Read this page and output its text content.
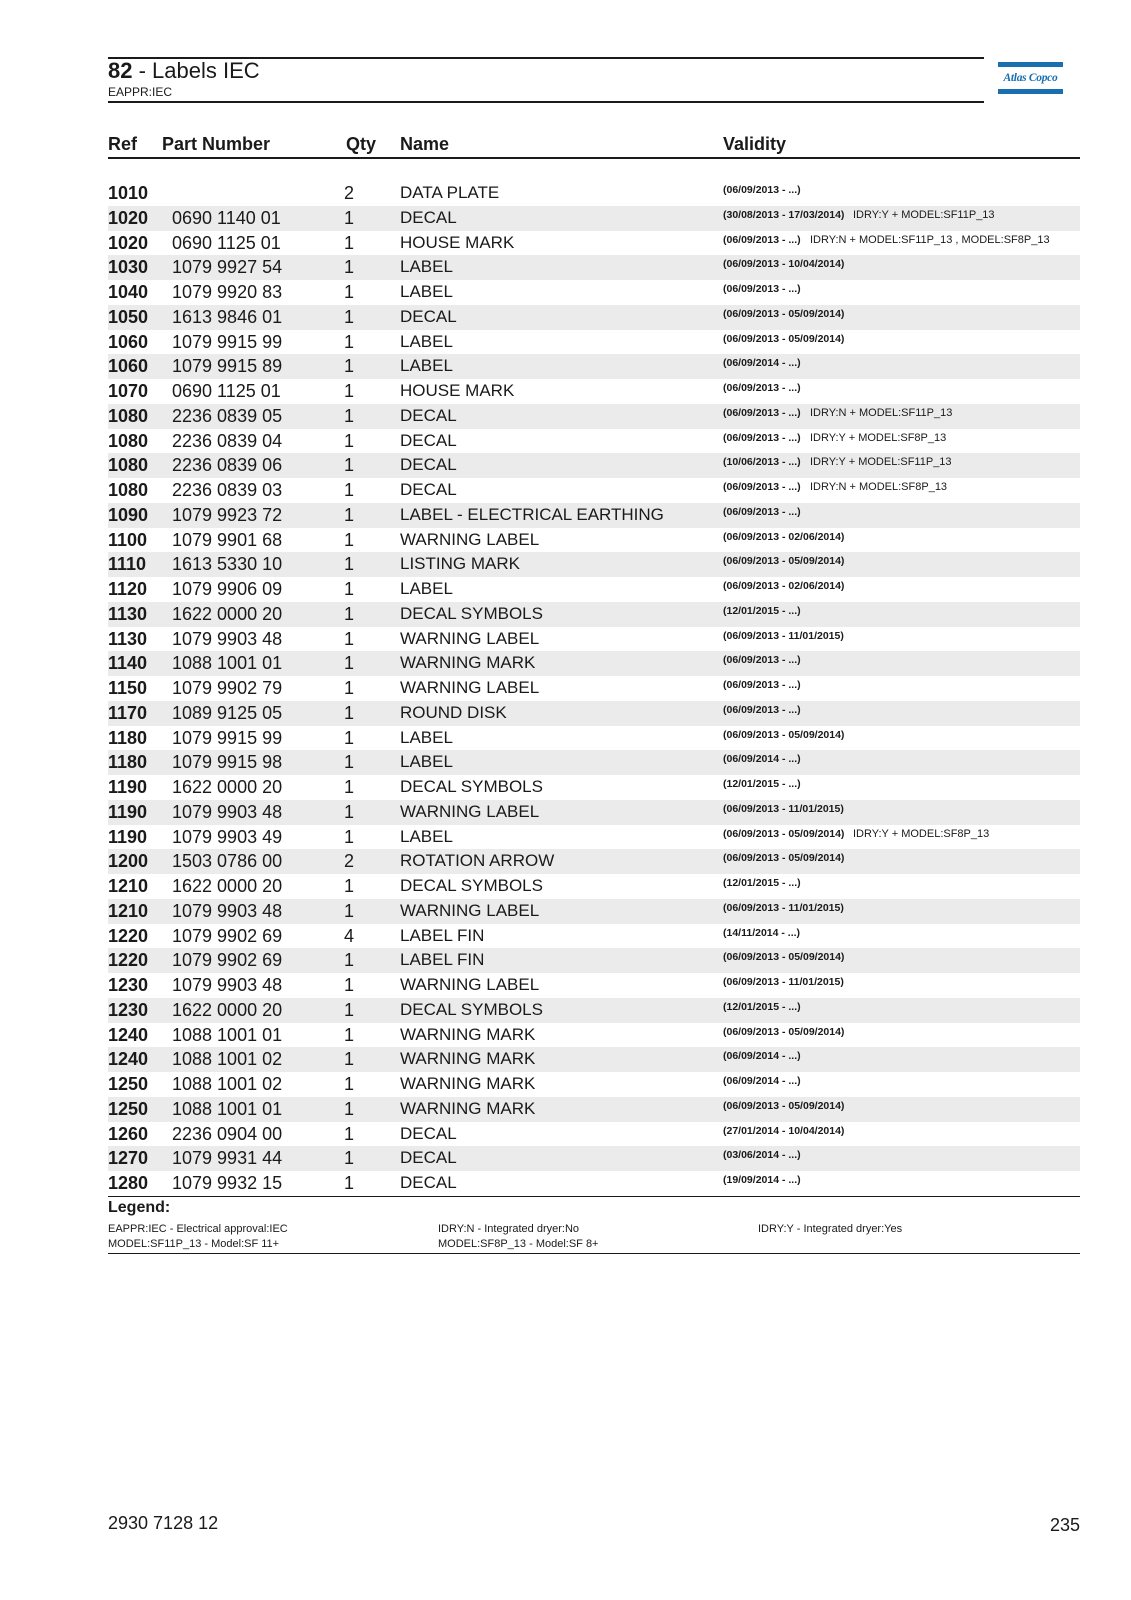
82 - Labels IEC
EAPPR:IEC
Atlas Copco
Ref Part Number	Qty Name	Validity
1010	2	DATA PLATE	(06/09/2013 - ...)
1020 0690 1140 01	1	DECAL	(30/08/2013 - 17/03/2014) IDRY:Y + MODEL:SF11P_13
1020 0690 1125 01	1	HOUSE MARK	(06/09/2013 - ...) IDRY:N + MODEL:SF11P_13 , MODEL:SF8P_13
1030 1079 9927 54	1	LABEL	(06/09/2013 - 10/04/2014)
1040 1079 9920 83	1	LABEL	(06/09/2013 - ...)
1050 1613 9846 01	1	DECAL	(06/09/2013 - 05/09/2014)
1060 1079 9915 99	1	LABEL	(06/09/2013 - 05/09/2014)
1060 1079 9915 89	1	LABEL	(06/09/2014 - ...)
1070 0690 1125 01	1	HOUSE MARK	(06/09/2013 - ...)
1080 2236 0839 05	1	DECAL	(06/09/2013 - ...) IDRY:N + MODEL:SF11P_13
1080 2236 0839 04	1	DECAL	(06/09/2013 - ...) IDRY:Y + MODEL:SF8P_13
1080 2236 0839 06	1	DECAL	(10/06/2013 - ...) IDRY:Y + MODEL:SF11P_13
1080 2236 0839 03	1	DECAL	(06/09/2013 - ...) IDRY:N + MODEL:SF8P_13
1090 1079 9923 72	1	LABEL - ELECTRICAL EARTHING	(06/09/2013 - ...)
1100 1079 9901 68	1	WARNING LABEL	(06/09/2013 - 02/06/2014)
1110 1613 5330 10	1	LISTING MARK	(06/09/2013 - 05/09/2014)
1120 1079 9906 09	1	LABEL	(06/09/2013 - 02/06/2014)
1130 1622 0000 20	1	DECAL SYMBOLS	(12/01/2015 - ...)
1130 1079 9903 48	1	WARNING LABEL	(06/09/2013 - 11/01/2015)
1140 1088 1001 01	1	WARNING MARK	(06/09/2013 - ...)
1150 1079 9902 79	1	WARNING LABEL	(06/09/2013 - ...)
1170 1089 9125 05	1	ROUND DISK	(06/09/2013 - ...)
1180 1079 9915 99	1	LABEL	(06/09/2013 - 05/09/2014)
1180 1079 9915 98	1	LABEL	(06/09/2014 - ...)
1190 1622 0000 20	1	DECAL SYMBOLS	(12/01/2015 - ...)
1190 1079 9903 48	1	WARNING LABEL	(06/09/2013 - 11/01/2015)
1190 1079 9903 49	1	LABEL	(06/09/2013 - 05/09/2014) IDRY:Y + MODEL:SF8P_13
1200 1503 0786 00	2	ROTATION ARROW	(06/09/2013 - 05/09/2014)
1210 1622 0000 20	1	DECAL SYMBOLS	(12/01/2015 - ...)
1210 1079 9903 48	1	WARNING LABEL	(06/09/2013 - 11/01/2015)
1220 1079 9902 69	4	LABEL FIN	(14/11/2014 - ...)
1220 1079 9902 69	1	LABEL FIN	(06/09/2013 - 05/09/2014)
1230 1079 9903 48	1	WARNING LABEL	(06/09/2013 - 11/01/2015)
1230 1622 0000 20	1	DECAL SYMBOLS	(12/01/2015 - ...)
1240 1088 1001 01	1	WARNING MARK	(06/09/2013 - 05/09/2014)
1240 1088 1001 02	1	WARNING MARK	(06/09/2014 - ...)
1250 1088 1001 02	1	WARNING MARK	(06/09/2014 - ...)
1250 1088 1001 01	1	WARNING MARK	(06/09/2013 - 05/09/2014)
1260 2236 0904 00	1	DECAL	(27/01/2014 - 10/04/2014)
1270 1079 9931 44	1	DECAL	(03/06/2014 - ...)
1280 1079 9932 15	1	DECAL	(19/09/2014 - ...)
Legend:
EAPPR:IEC - Electrical approval:IEC	IDRY:N - Integrated dryer:No	IDRY:Y - Integrated dryer:Yes
MODEL:SF11P_13 - Model:SF 11+	MODEL:SF8P_13 - Model:SF 8+
2930 7128 12	235
